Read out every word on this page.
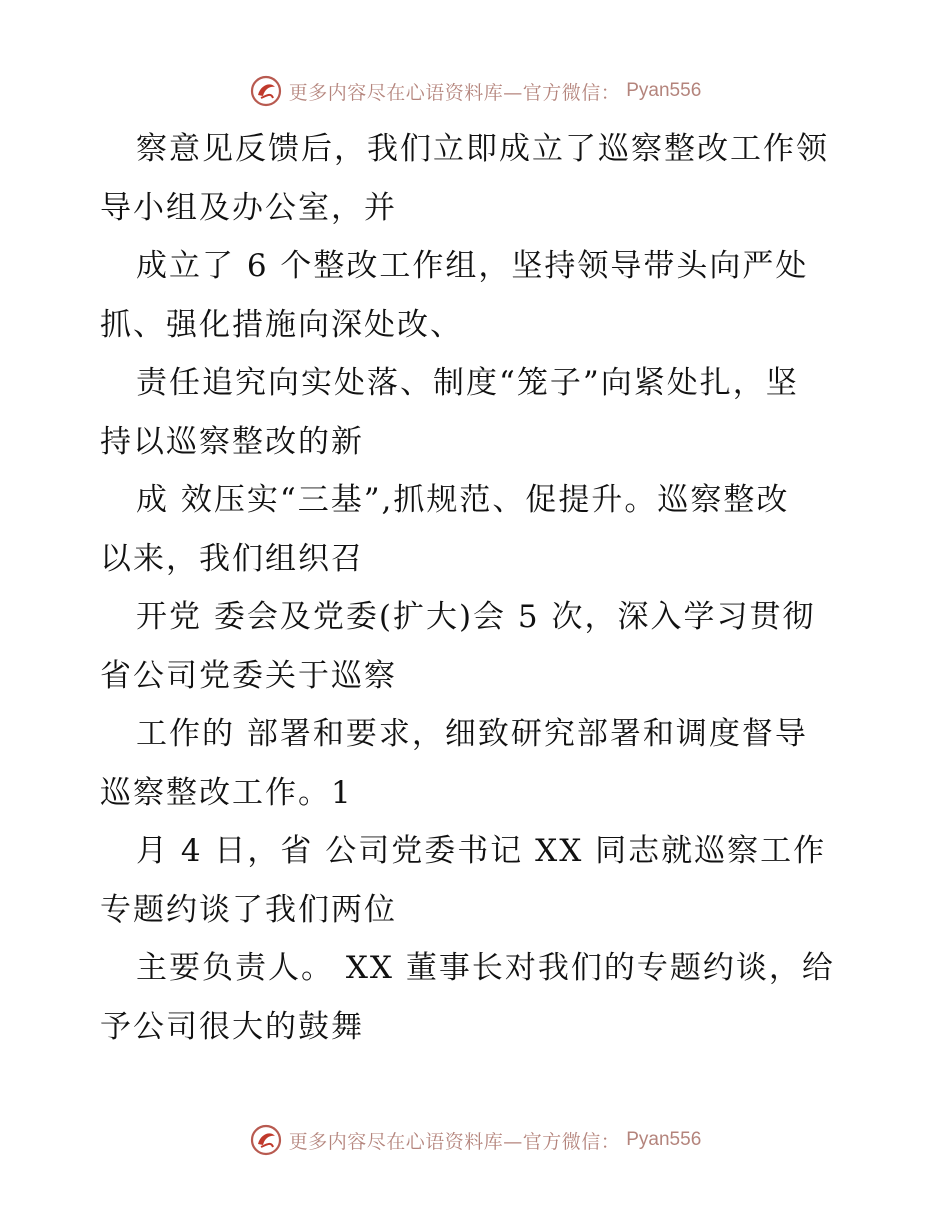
更多内容尽在心语资料库—官方微信： Pyan556
察意见反馈后，我们立即成立了巡察整改工作领
导小组及办公室，并
成立了 6 个整改工作组，坚持领导带头向严处
抓、强化措施向深处改、
责任追究向实处落、制度“笼子”向紧处扎，坚
持以巡察整改的新
成 效压实“三基”,抓规范、促提升。巡察整改
以来，我们组织召
开党 委会及党委(扩大)会 5 次，深入学习贯彻
省公司党委关于巡察
工作的 部署和要求，细致研究部署和调度督导
巡察整改工作。1
月 4 日，省 公司党委书记 XX 同志就巡察工作
专题约谈了我们两位
主要负责人。 XX 董事长对我们的专题约谈，给
予公司很大的鼓舞
更多内容尽在心语资料库—官方微信： Pyan556
